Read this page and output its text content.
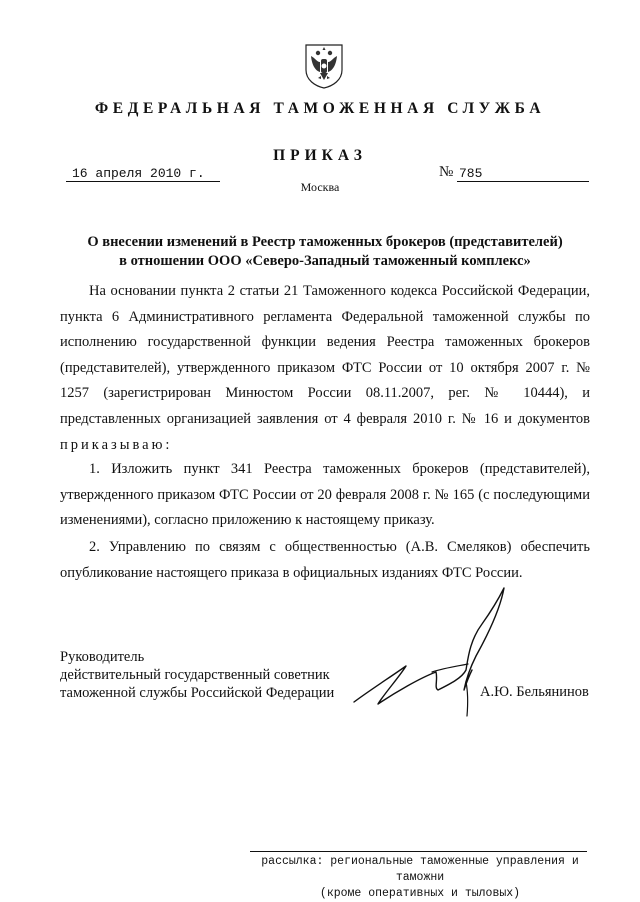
ФЕДЕРАЛЬНАЯ ТАМОЖЕННАЯ СЛУЖБА
ПРИКАЗ
16 апреля 2010 г.	№ 785
Москва
О внесении изменений в Реестр таможенных брокеров (представителей)
в отношении ООО «Северо-Западный таможенный комплекс»

На основании пункта 2 статьи 21 Таможенного кодекса Российской Федерации, пункта 6 Административного регламента Федеральной таможенной службы по исполнению государственной функции ведения Реестра таможенных брокеров (представителей), утвержденного приказом ФТС России от 10 октября 2007 г. № 1257 (зарегистрирован Минюстом России 08.11.2007, рег. № 10444), и представленных организацией заявления от 4 февраля 2010 г. № 16 и документов приказываю:

1. Изложить пункт 341 Реестра таможенных брокеров (представителей), утвержденного приказом ФТС России от 20 февраля 2008 г. № 165 (с последующими изменениями), согласно приложению к настоящему приказу.

2. Управлению по связям с общественностью (А.В. Смеляков) обеспечить опубликование настоящего приказа в официальных изданиях ФТС России.

Руководитель
действительный государственный советник
таможенной службы Российской Федерации	А.Ю. Бельянинов
рассылка: региональные таможенные управления и таможни
(кроме оперативных и тыловых)
